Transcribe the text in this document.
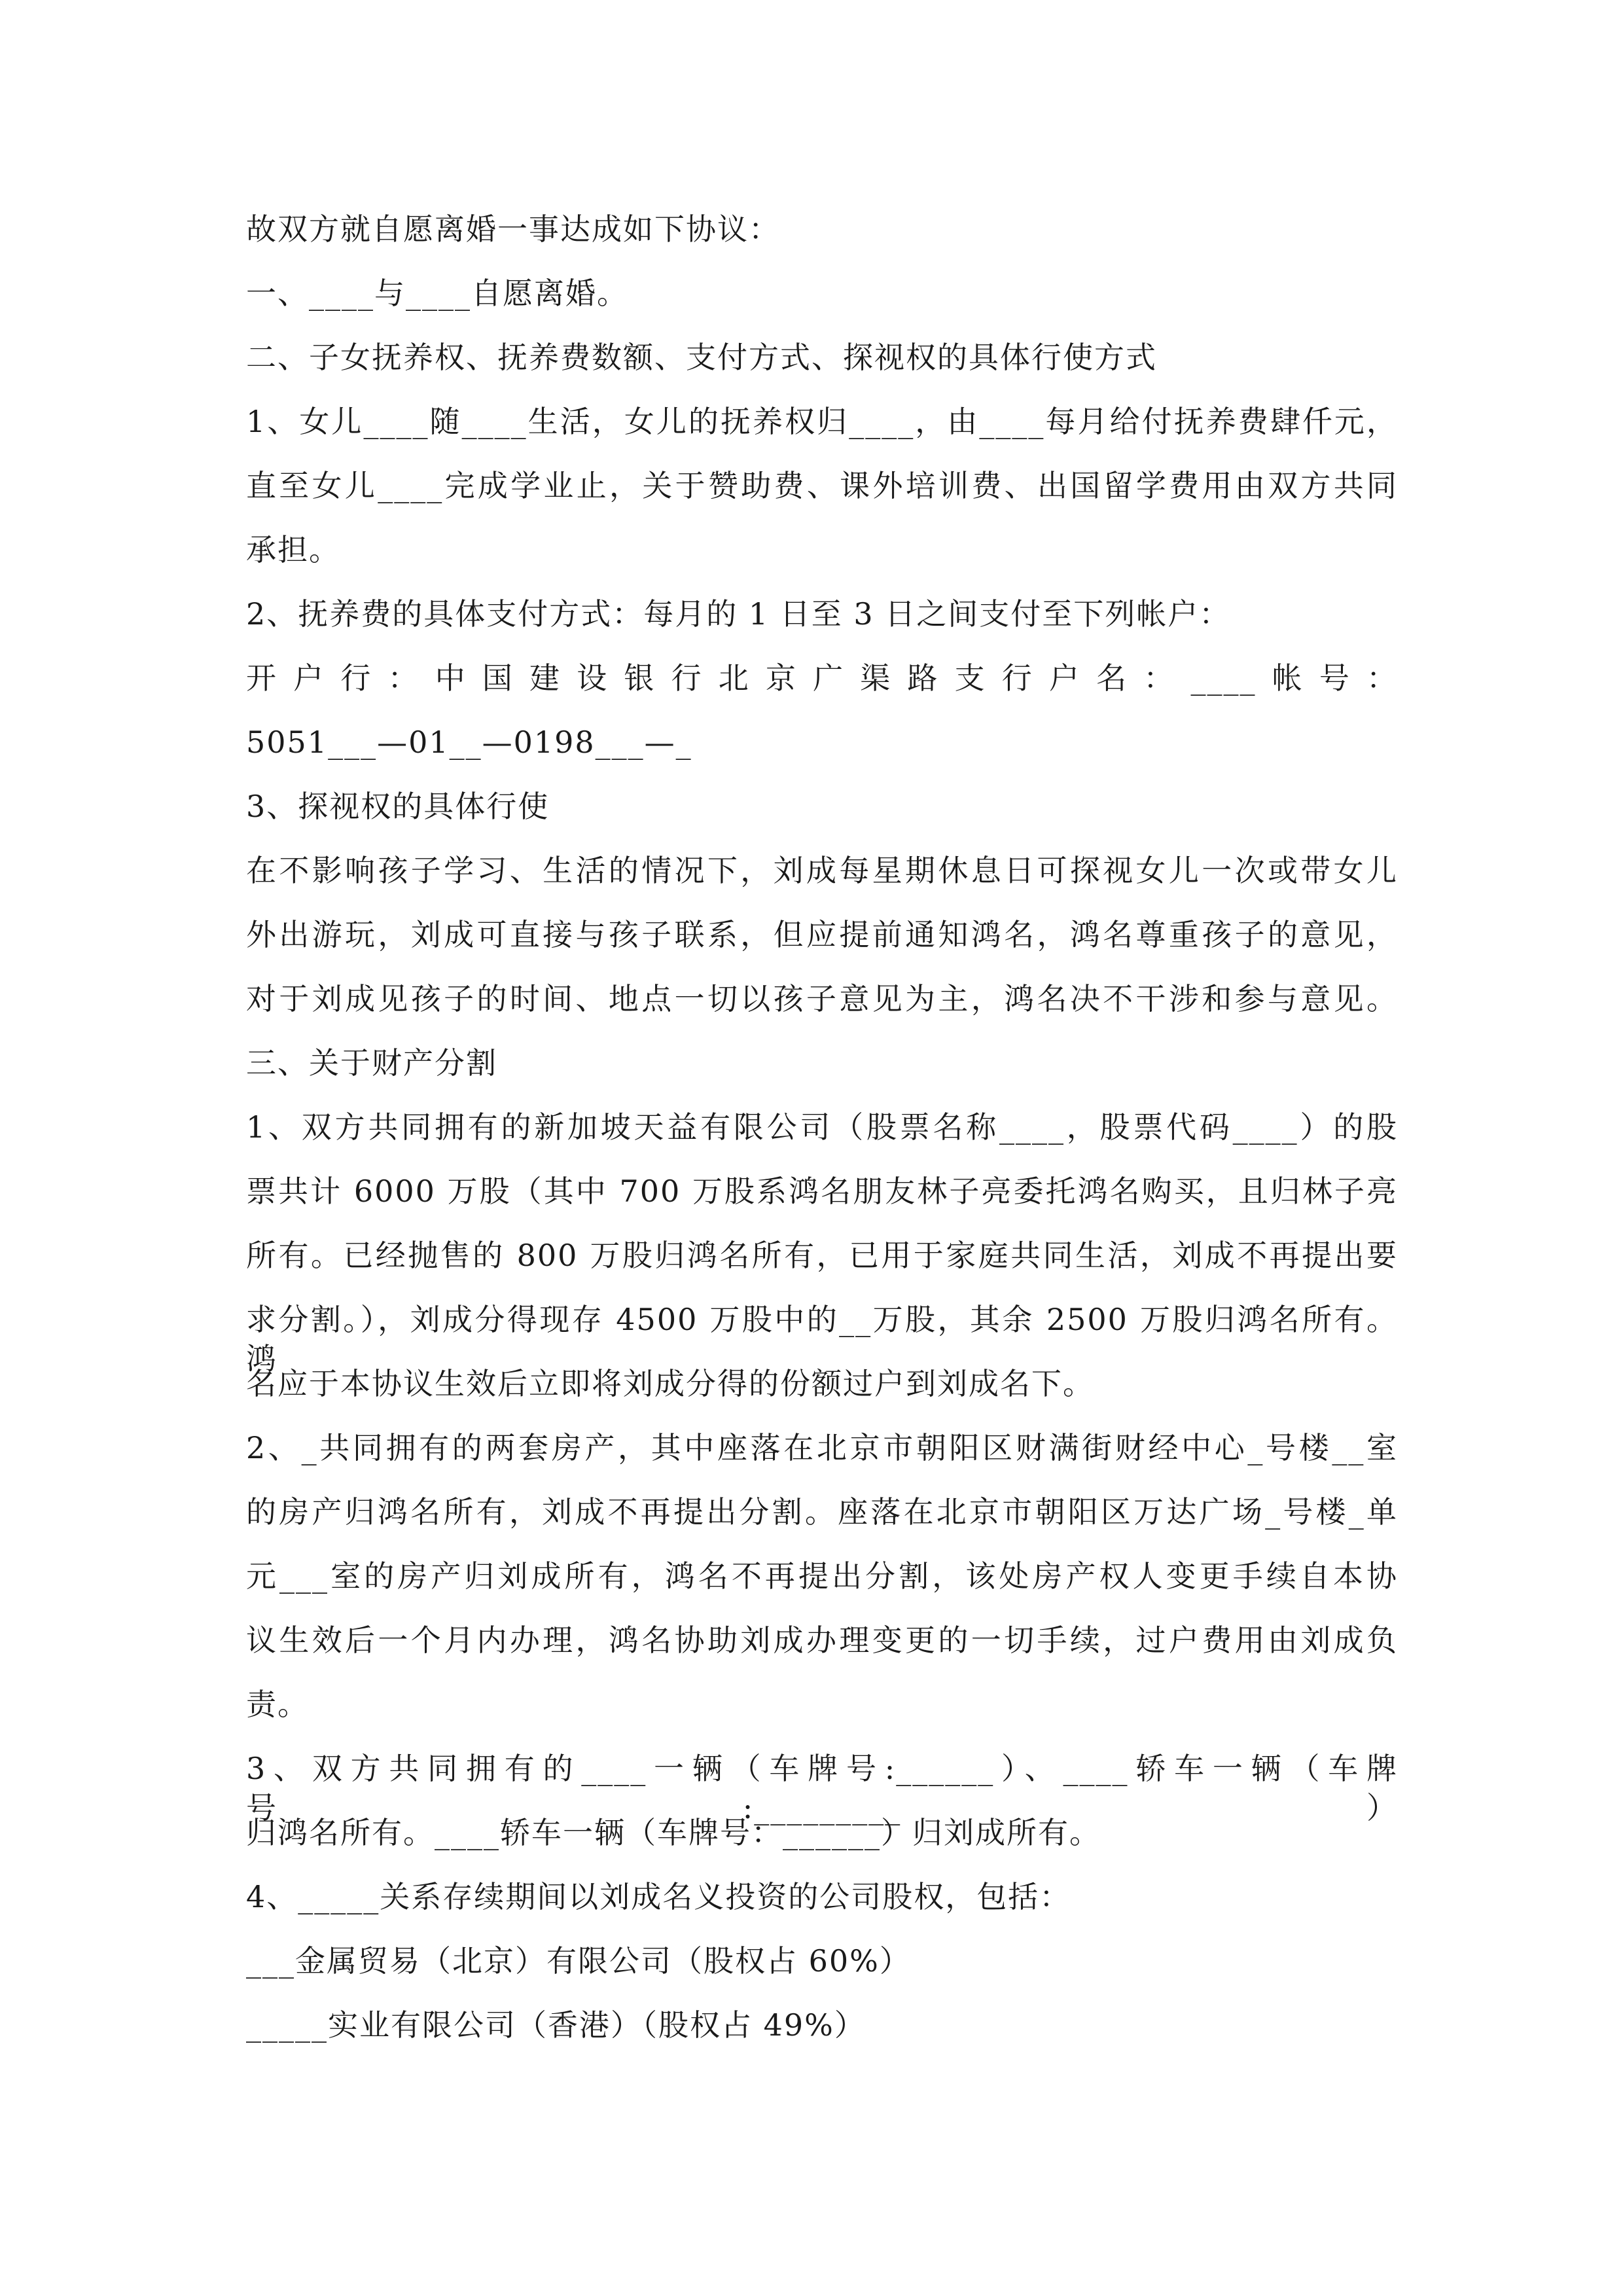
故双方就自愿离婚一事达成如下协议：
一、____与____自愿离婚。
二、子女抚养权、抚养费数额、支付方式、探视权的具体行使方式
1、女儿____随____生活，女儿的抚养权归____，由____每月给付抚养费肆仟元，
直至女儿____完成学业止，关于赞助费、课外培训费、出国留学费用由双方共同
承担。
2、抚养费的具体支付方式：每月的 1 日至 3 日之间支付至下列帐户：
开户行：中国建设银行北京广渠路支行户名：____帐号：
5051___—01__—0198___—_
3、探视权的具体行使
在不影响孩子学习、生活的情况下，刘成每星期休息日可探视女儿一次或带女儿
外出游玩，刘成可直接与孩子联系，但应提前通知鸿名，鸿名尊重孩子的意见，
对于刘成见孩子的时间、地点一切以孩子意见为主，鸿名决不干涉和参与意见。
三、关于财产分割
1、双方共同拥有的新加坡天益有限公司（股票名称____，股票代码____）的股
票共计 6000 万股（其中 700 万股系鸿名朋友林子亮委托鸿名购买，且归林子亮
所有。已经抛售的 800 万股归鸿名所有，已用于家庭共同生活，刘成不再提出要
求分割。），刘成分得现存 4500 万股中的__万股，其余 2500 万股归鸿名所有。鸿
名应于本协议生效后立即将刘成分得的份额过户到刘成名下。
2、_共同拥有的两套房产，其中座落在北京市朝阳区财满街财经中心_号楼__室
的房产归鸿名所有，刘成不再提出分割。座落在北京市朝阳区万达广场_号楼_单
元___室的房产归刘成所有，鸿名不再提出分割，该处房产权人变更手续自本协
议生效后一个月内办理，鸿名协助刘成办理变更的一切手续，过户费用由刘成负
责。
3、双方共同拥有的____一辆（车牌号:______）、____轿车一辆（车牌号:_________）
归鸿名所有。____轿车一辆（车牌号：______）归刘成所有。
4、_____关系存续期间以刘成名义投资的公司股权，包括：
___金属贸易（北京）有限公司（股权占 60%）
_____实业有限公司（香港）（股权占 49%）
